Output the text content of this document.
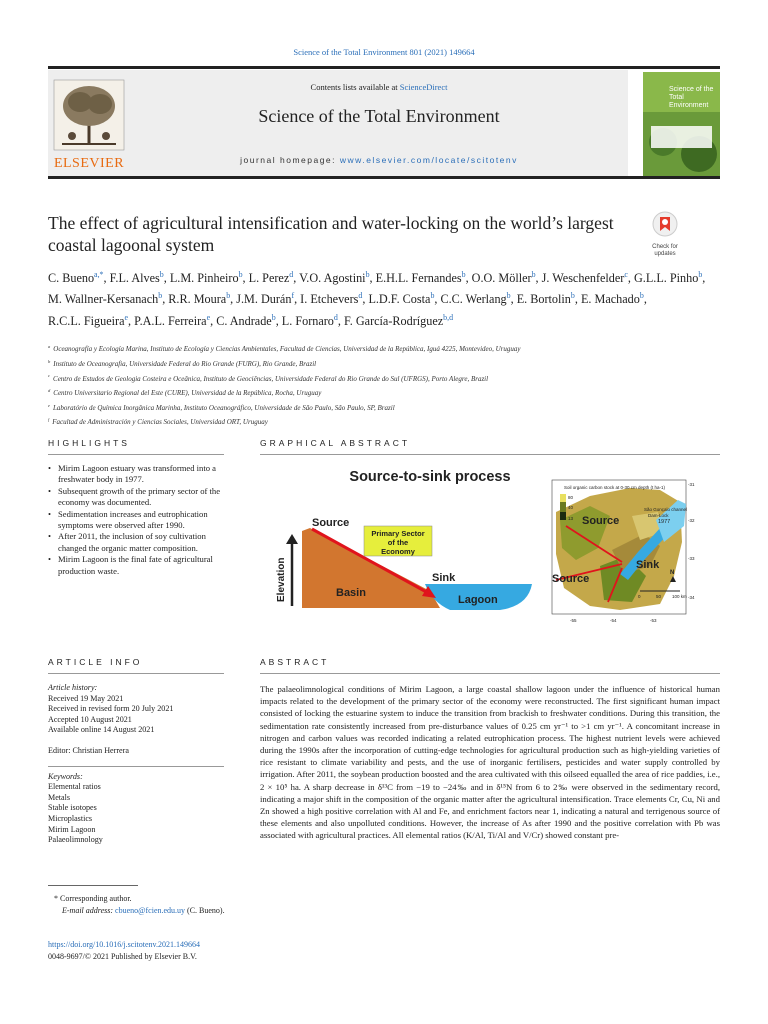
Science of the Total Environment 801 (2021) 149664
ELSEVIER
Contents lists available at ScienceDirect
Science of the Total Environment
journal homepage: www.elsevier.com/locate/scitotenv
Science of the
Total Environment
The effect of agricultural intensification and water-locking on the world’s largest coastal lagoonal system	Check for
updates
C. Bueno$^{a,*}$, F.L. Alves$^b$, L.M. Pinheiro$^b$, L. Perez$^d$, V.O. Agostini$^b$, E.H.L. Fernandes$^b$, O.O. Möller$^b$, J. Weschenfelder$^c$, G.L.L. Pinho$^b$, M. Wallner-Kersanach$^b$, R.R. Moura$^b$, J.M. Durán$^f$, I. Etchevers$^d$, L.D.F. Costa$^b$, C.C. Werlang$^b$, E. Bortolin$^b$, E. Machado$^b$, R.C.L. Figueira$^e$, P.A.L. Ferreira$^e$, C. Andrade$^b$, L. Fornaro$^d$, F. García-Rodríguez$^{b,d}$
$^a$ Oceanografía y Ecología Marina, Instituto de Ecología y Ciencias Ambientales, Facultad de Ciencias, Universidad de la República, Iguá 4225, Montevideo, Uruguay
$^b$ Instituto de Oceanografia, Universidade Federal do Rio Grande (FURG), Rio Grande, Brazil
$^c$ Centro de Estudos de Geologia Costeira e Oceânica, Instituto de Geociências, Universidade Federal do Rio Grande do Sul (UFRGS), Porto Alegre, Brazil
$^d$ Centro Universitario Regional del Este (CURE), Universidad de la República, Rocha, Uruguay
$^e$ Laboratório de Química Inorgânica Marinha, Instituto Oceanográfico, Universidade de São Paulo, São Paulo, SP, Brazil
$^f$ Facultad de Administración y Ciencias Sociales, Universidad ORT, Uruguay
HIGHLIGHTS	GRAPHICAL ABSTRACT
• Mirim Lagoon estuary was transformed into a freshwater body in 1977.
• Subsequent growth of the primary sector of the economy was documented.
• Sedimentation increases and eutrophication symptoms were observed after 1990.
• After 2011, the inclusion of soy cultivation changed the organic matter composition.
• Mirim Lagoon is the final fate of agricultural production waste.
Source-to-sink process
Elevation	Basin
Lagoon
Source
Sink
Primary Sector
of the
Economy
Soil organic carbon stock at 0-30 cm depth (t ha-1)
80
40
13
São Gonçalo channel
Dam-Lock
1977
Source
Source
Sink
N
0	50 100 km
-31
-32
-33
-34
-55	-54	-53
ARTICLE INFO	ABSTRACT
Article history:
Received 19 May 2021
Received in revised form 20 July 2021
Accepted 10 August 2021
Available online 14 August 2021
Editor: Christian Herrera
Keywords:
Elemental ratios
Metals
Stable isotopes
Microplastics
Mirim Lagoon
Palaeolimnology
The palaeolimnological conditions of Mirim Lagoon, a large coastal shallow lagoon under the influence of historical human impacts related to the development of the primary sector of the economy were reconstructed. The first significant human impact consisted of locking the estuarine system to induce the transition from brackish to freshwater conditions. During this transition, the sedimentation rate consistently increased from pre-disturbance values of 0.25 cm yr⁻¹ to >1 cm yr⁻¹. A concomitant increase in nitrogen and carbon values was recorded indicating a related eutrophication process. The highest nutrient levels were achieved during the 1990s after the incorporation of cutting-edge technologies for agricultural production such as high-yielding varieties of rice resistant to climate variability and pests, and the use of inorganic fertilisers, pesticides and water supply controlled by irrigation. After 2011, the soybean production boosted and the area cultivated with this oilseed equalled the area of rice paddies, i.e., 2 × 10⁵ ha. A sharp decrease in δ¹³C from −19 to −24‰ and in δ¹⁵N from 6 to 2‰ were observed in the sedimentary record, indicating a major shift in the composition of the organic matter after the agricultural intensification. Trace elements Cr, Cu, Ni and Zn showed a high positive correlation with Al and Fe, and enrichment factors near 1, indicating a natural and terrigenous source of these elements and also unpolluted conditions. However, the increase of As after 1990 and the positive correlation with Pb was associated with agricultural practices. All elemental ratios (K/Al, Ti/Al and V/Cr) showed constant pre-
* Corresponding author.
E-mail address: cbueno@fcien.edu.uy (C. Bueno).
https://doi.org/10.1016/j.scitotenv.2021.149664
0048-9697/© 2021 Published by Elsevier B.V.
